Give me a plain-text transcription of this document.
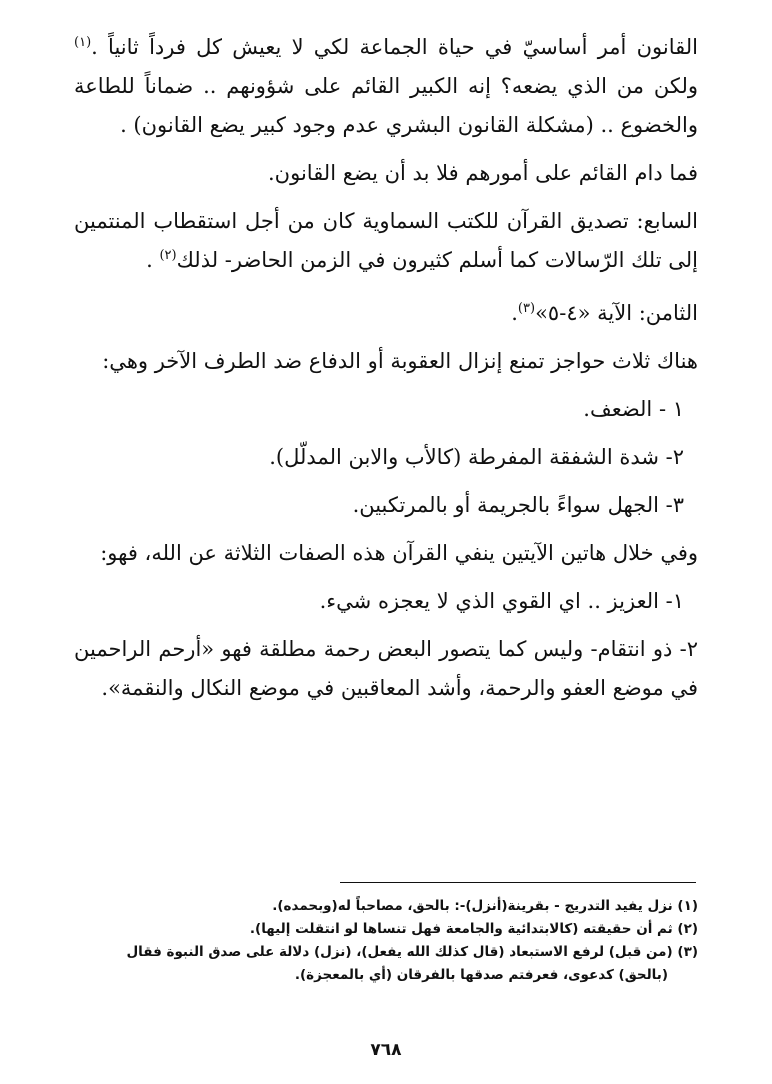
القانون أمر أساسيّ في حياة الجماعة لكي لا يعيش كل فرداً ثانياً .$^{(١)}$ ولكن من الذي يضعه؟ إنه الكبير القائم على شؤونهم .. ضماناً للطاعة والخضوع .. (مشكلة القانون البشري عدم وجود كبير يضع القانون) .

فما دام القائم على أمورهم فلا بد أن يضع القانون.

السابع: تصديق القرآن للكتب السماوية كان من أجل استقطاب المنتمين إلى تلك الرّسالات كما أسلم كثيرون في الزمن الحاضر- لذلك$^{(٢)}$ .

الثامن: الآية «٤-٥»$^{(٣)}$.

هناك ثلاث حواجز تمنع إنزال العقوبة أو الدفاع ضد الطرف الآخر وهي:

١ - الضعف.

٢- شدة الشفقة المفرطة (كالأب والابن المدلّل).

٣- الجهل سواءً بالجريمة أو بالمرتكبين.

وفي خلال هاتين الآيتين ينفي القرآن هذه الصفات الثلاثة عن الله، فهو:

١- العزيز .. اي القوي الذي لا يعجزه شيء.

٢- ذو انتقام- وليس كما يتصور البعض رحمة مطلقة فهو «أرحم الراحمين في موضع العفو والرحمة، وأشد المعاقبين في موضع النكال والنقمة».

(١) نزل يفيد التدريج - بقرينة(أنزل)-: بالحق، مصاحباً له(وبحمده).

(٢) ثم أن حقيقته (كالابتدائية والجامعة فهل تنساها لو انتقلت إليها).

(٣) (من قبل) لرفع الاستبعاد (قال كذلك الله يفعل)، (نزل) دلالة على صدق النبوة فقال

(بالحق) كدعوى، فعرفتم صدقها بالفرقان (أي بالمعجزة).

٧٦٨
